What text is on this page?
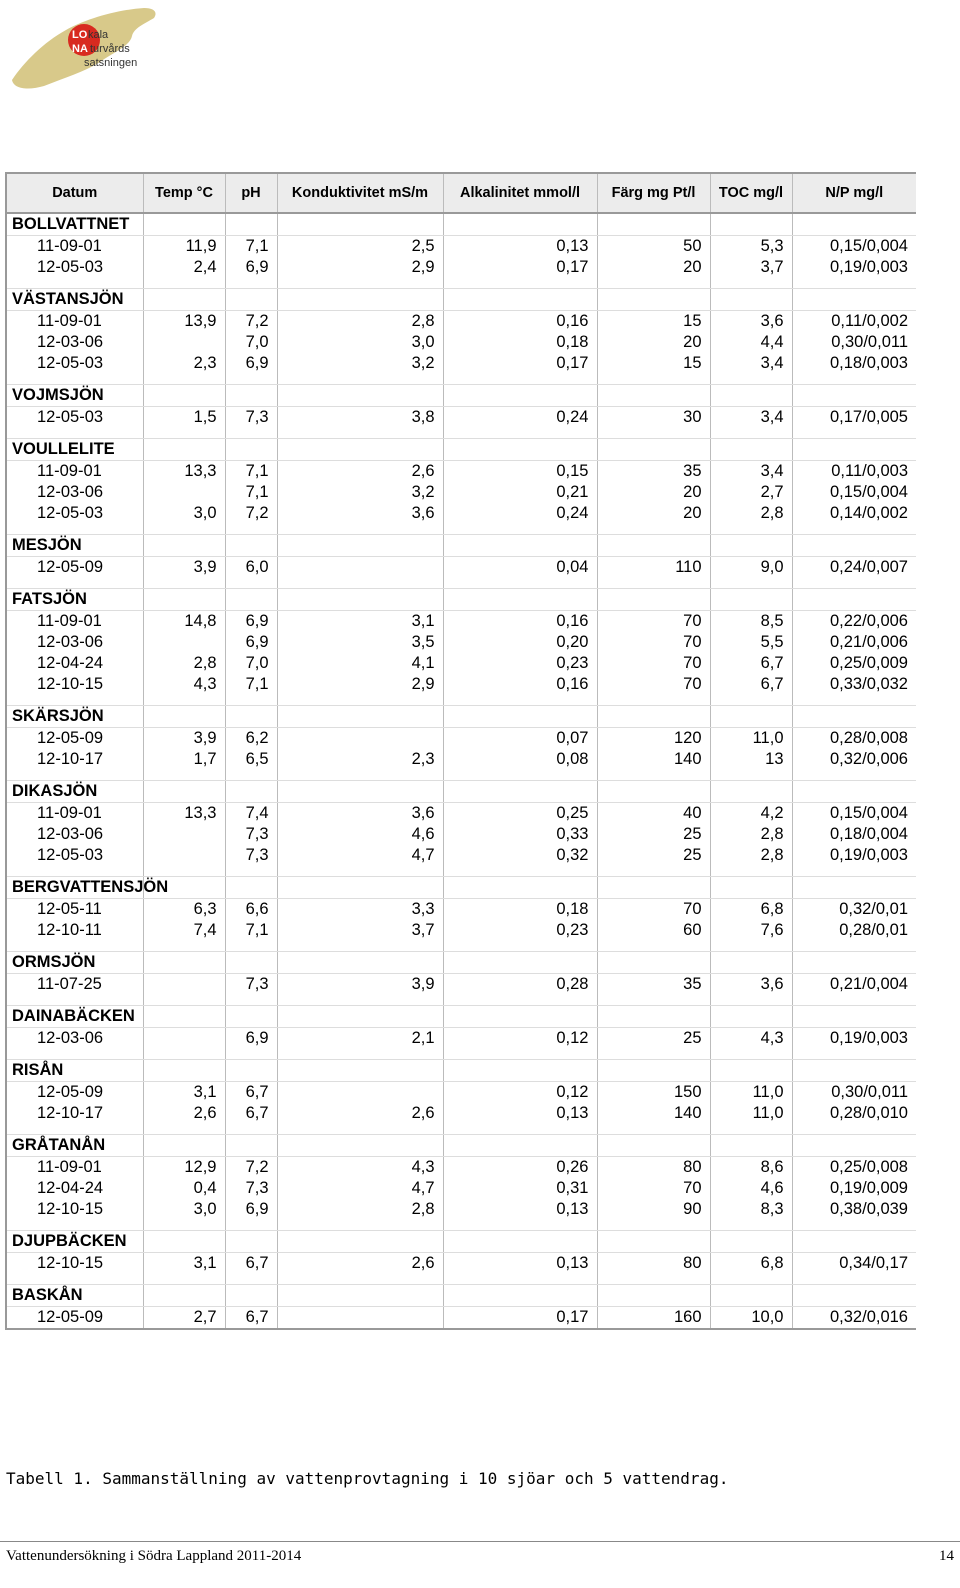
LO kala
NA turvårds
satsningen
Datum	Temp °C	pH	Konduktivitet mS/m	Alkalinitet mmol/l	Färg mg Pt/l	TOC mg/l	N/P mg/l
BOLLVATTNET							
11-09-01	11,9	7,1	2,5	0,13	50	5,3	0,15/0,004
12-05-03	2,4	6,9	2,9	0,17	20	3,7	0,19/0,003

VÄSTANSJÖN							
11-09-01	13,9	7,2	2,8	0,16	15	3,6	0,11/0,002
12-03-06		7,0	3,0	0,18	20	4,4	0,30/0,011
12-05-03	2,3	6,9	3,2	0,17	15	3,4	0,18/0,003

VOJMSJÖN							
12-05-03	1,5	7,3	3,8	0,24	30	3,4	0,17/0,005

VOULLELITE							
11-09-01	13,3	7,1	2,6	0,15	35	3,4	0,11/0,003
12-03-06		7,1	3,2	0,21	20	2,7	0,15/0,004
12-05-03	3,0	7,2	3,6	0,24	20	2,8	0,14/0,002

MESJÖN							
12-05-09	3,9	6,0		0,04	110	9,0	0,24/0,007

FATSJÖN							
11-09-01	14,8	6,9	3,1	0,16	70	8,5	0,22/0,006
12-03-06		6,9	3,5	0,20	70	5,5	0,21/0,006
12-04-24	2,8	7,0	4,1	0,23	70	6,7	0,25/0,009
12-10-15	4,3	7,1	2,9	0,16	70	6,7	0,33/0,032

SKÄRSJÖN							
12-05-09	3,9	6,2		0,07	120	11,0	0,28/0,008
12-10-17	1,7	6,5	2,3	0,08	140	13	0,32/0,006

DIKASJÖN							
11-09-01	13,3	7,4	3,6	0,25	40	4,2	0,15/0,004
12-03-06		7,3	4,6	0,33	25	2,8	0,18/0,004
12-05-03		7,3	4,7	0,32	25	2,8	0,19/0,003

BERGVATTENSJÖN							
12-05-11	6,3	6,6	3,3	0,18	70	6,8	0,32/0,01
12-10-11	7,4	7,1	3,7	0,23	60	7,6	0,28/0,01

ORMSJÖN							
11-07-25		7,3	3,9	0,28	35	3,6	0,21/0,004

DAINABÄCKEN							
12-03-06		6,9	2,1	0,12	25	4,3	0,19/0,003

RISÅN							
12-05-09	3,1	6,7		0,12	150	11,0	0,30/0,011
12-10-17	2,6	6,7	2,6	0,13	140	11,0	0,28/0,010

GRÅTANÅN							
11-09-01	12,9	7,2	4,3	0,26	80	8,6	0,25/0,008
12-04-24	0,4	7,3	4,7	0,31	70	4,6	0,19/0,009
12-10-15	3,0	6,9	2,8	0,13	90	8,3	0,38/0,039

DJUPBÄCKEN							
12-10-15	3,1	6,7	2,6	0,13	80	6,8	0,34/0,17

BASKÅN							
12-05-09	2,7	6,7		0,17	160	10,0	0,32/0,016
Tabell 1. Sammanställning av vattenprovtagning i 10 sjöar och 5 vattendrag.
Vattenundersökning i Södra Lappland 2011-2014	14
